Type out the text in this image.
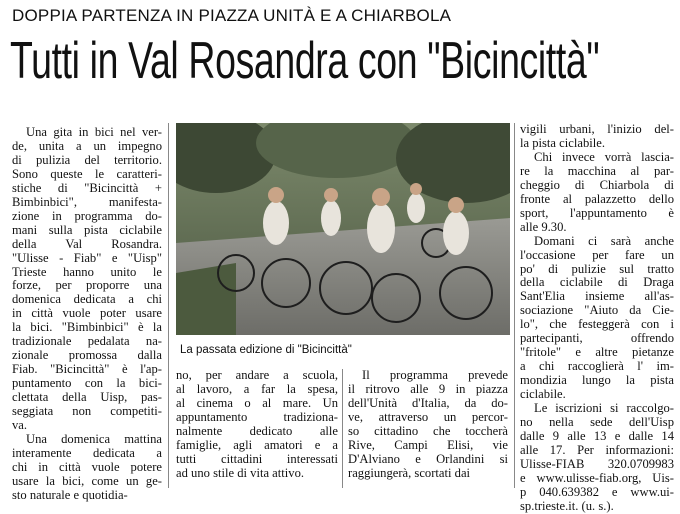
DOPPIA PARTENZA IN PIAZZA UNITÀ E A CHIARBOLA
Tutti in Val Rosandra con "Bicincittà"

Una gita in bici nel ver-
de, unita a un impegno
di pulizia del territorio.
Sono queste le caratteri-
stiche di "Bicincittà +
Bimbinbici", manifesta-
zione in programma do-
mani sulla pista ciclabile
della Val Rosandra.
"Ulisse - Fiab" e "Uisp"
Trieste hanno unito le
forze, per proporre una
domenica dedicata a chi
in città vuole poter usare
la bici. "Bimbinbici" è la
tradizionale pedalata na-
zionale promossa dalla
Fiab. "Bicincittà" è l'ap-
puntamento con la bici-
clettata della Uisp, pas-
seggiata non competiti-
va.

Una domenica mattina
interamente dedicata a
chi in città vuole potere
usare la bici, come un ge-
sto naturale e quotidia-

La passata edizione di "Bicincittà"

no, per andare a scuola,
al lavoro, a far la spesa,
al cinema o al mare. Un
appuntamento tradiziona-
nalmente dedicato alle
famiglie, agli amatori e a
tutti cittadini interessati
ad uno stile di vita attivo.

Il programma prevede
il ritrovo alle 9 in piazza
dell'Unità d'Italia, da do-
ve, attraverso un percor-
so cittadino che toccherà
Rive, Campi Elisi, vie
D'Alviano e Orlandini si
raggiungerà, scortati dai

vigili urbani, l'inizio del-
la pista ciclabile.

Chi invece vorrà lascia-
re la macchina al par-
cheggio di Chiarbola di
fronte al palazzetto dello
sport, l'appuntamento è
alle 9.30.

Domani ci sarà anche
l'occasione per fare un
po' di pulizie sul tratto
della ciclabile di Draga
Sant'Elia insieme all'as-
sociazione "Aiuto da Cie-
lo", che festeggerà con i
partecipanti, offrendo
"fritole" e altre pietanze
a chi raccoglierà l' im-
mondizia lungo la pista
ciclabile.

Le iscrizioni si raccolgo-
no nella sede dell'Uisp
dalle 9 alle 13 e dalle 14
alle 17. Per informazioni:
Ulisse-FIAB 320.0709983
e www.ulisse-fiab.org, Uis-
p 040.639382 e www.ui-
sp.trieste.it. (u. s.).
